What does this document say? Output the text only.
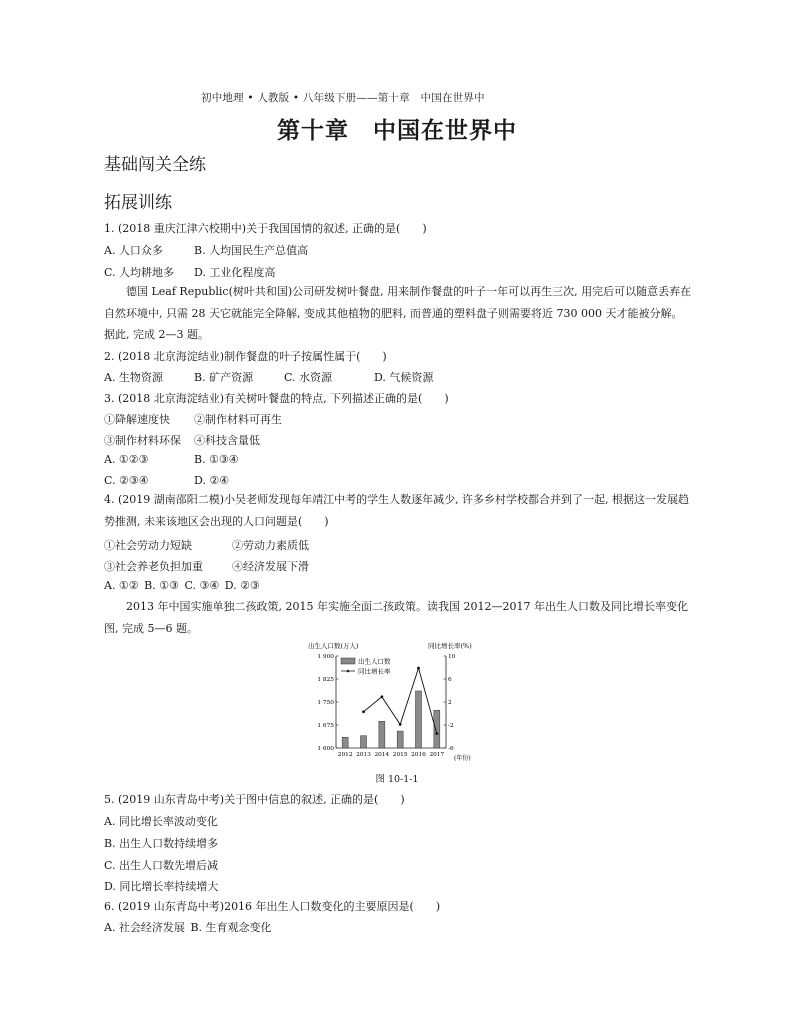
初中地理 • 人教版 • 八年级下册——第十章　中国在世界中
第十章　中国在世界中
基础闯关全练
拓展训练
1. (2018 重庆江津六校期中)关于我国国情的叙述, 正确的是(　　)
A. 人口众多	B. 人均国民生产总值高
C. 人均耕地多 D. 工业化程度高
德国 Leaf Republic(树叶共和国)公司研发树叶餐盘, 用来制作餐盘的叶子一年可以再生三次, 用完后可以随意丢弃在自然环境中, 只需 28 天它就能完全降解, 变成其他植物的肥料, 而普通的塑料盘子则需要将近 730 000 天才能被分解。据此, 完成 2—3 题。
2. (2018 北京海淀结业)制作餐盘的叶子按属性属于(　　)
A. 生物资源	B. 矿产资源	C. 水资源	D. 气候资源
3. (2018 北京海淀结业)有关树叶餐盘的特点, 下列描述正确的是(　　)
①降解速度快 ②制作材料可再生
③制作材料环保 ④科技含量低
A. ①②③	B. ①③④
C. ②③④	D. ②④
4. (2019 湖南邵阳二模)小吴老师发现每年靖江中考的学生人数逐年减少, 许多乡村学校都合并到了一起, 根据这一发展趋势推测, 未来该地区会出现的人口问题是(　　)
①社会劳动力短缺	②劳动力素质低
③社会养老负担加重	④经济发展下滑
A. ①②  B. ①③  C. ③④  D. ②③
2013 年中国实施单独二孩政策, 2015 年实施全面二孩政策。读我国 2012—2017 年出生人口数及同比增长率变化图, 完成 5—6 题。
出生人口数(万人)	同比增长率(%)
1 900
1 825
1 750
1 675
1 600
10
6
2
-2
-6
2012 2013 2014 2015 2016 2017
出生人口数
同比增长率
(年份)
图 10-1-1
5. (2019 山东青岛中考)关于图中信息的叙述, 正确的是(　　)
A. 同比增长率波动变化
B. 出生人口数持续增多
C. 出生人口数先增后减
D. 同比增长率持续增大
6. (2019 山东青岛中考)2016 年出生人口数变化的主要原因是(　　)
A. 社会经济发展  B. 生育观念变化
